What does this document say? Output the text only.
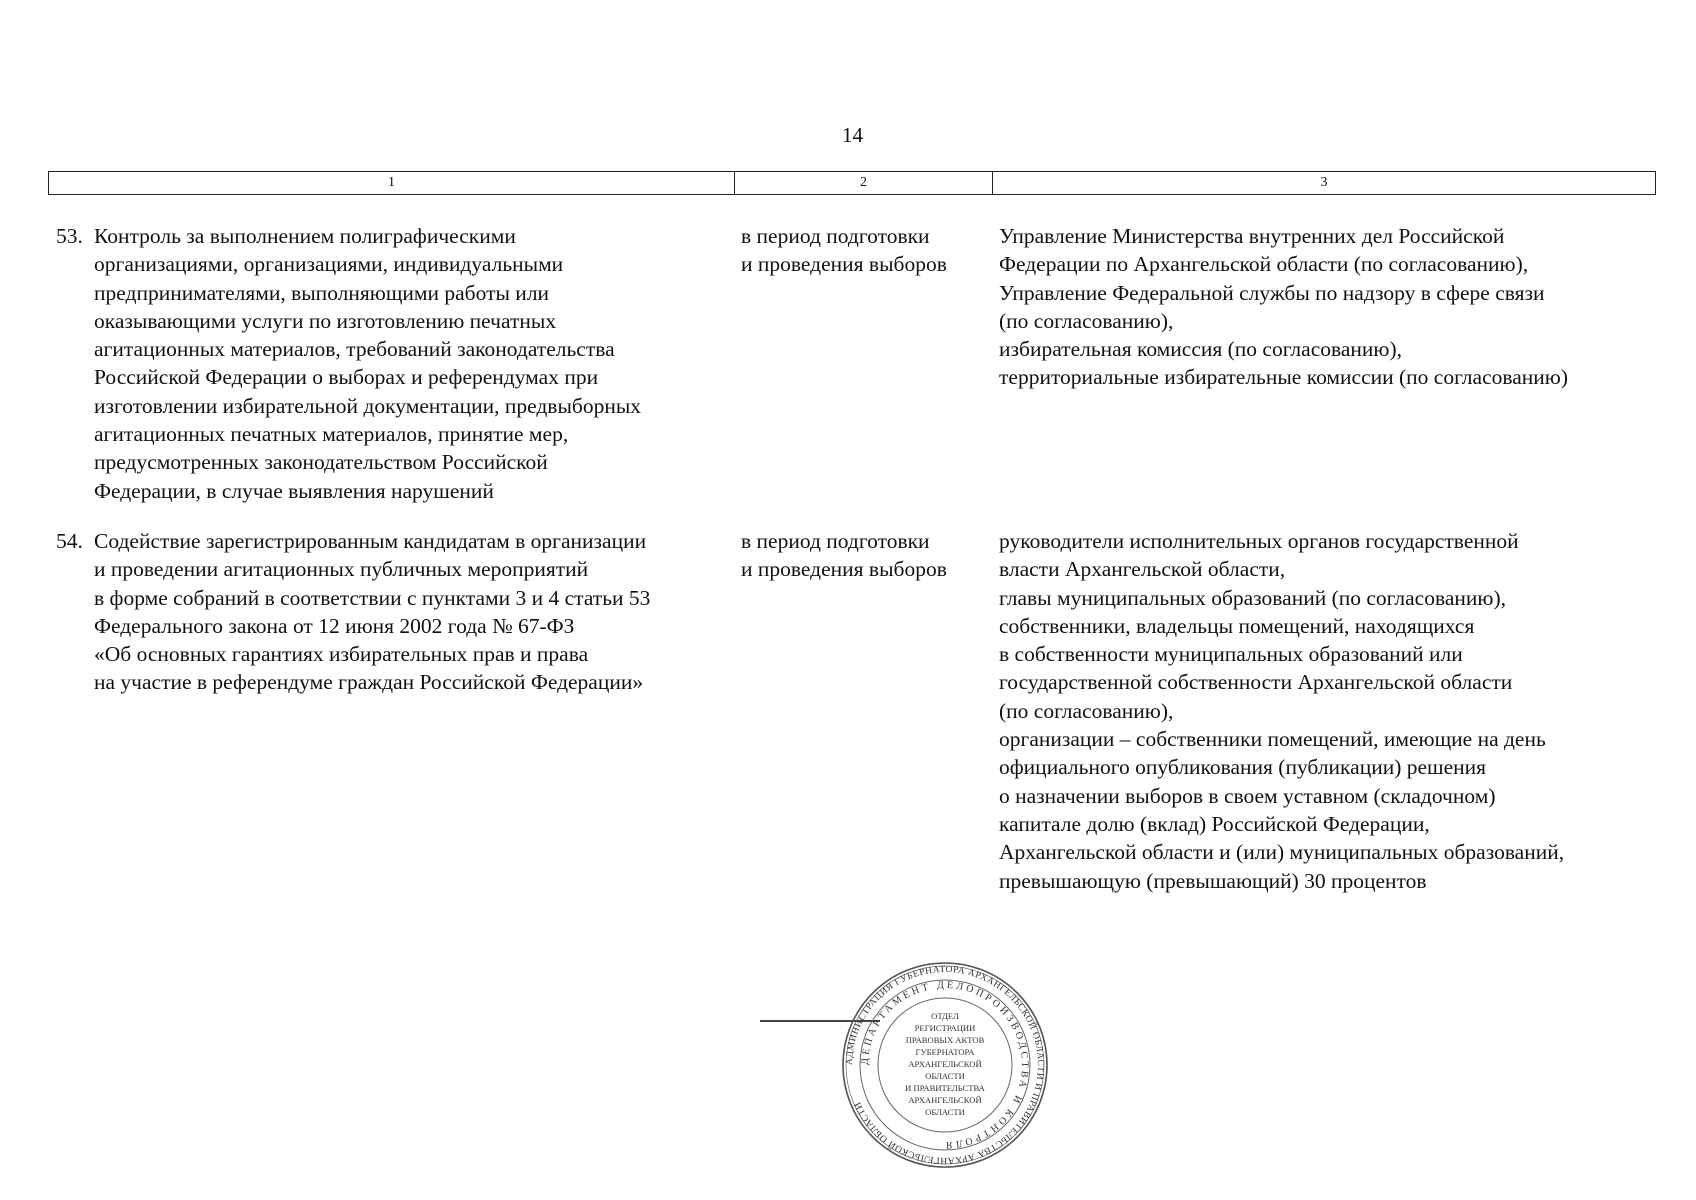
14
1	2	3
53. Контроль за выполнением полиграфическими
организациями, организациями, индивидуальными
предпринимателями, выполняющими работы или
оказывающими услуги по изготовлению печатных
агитационных материалов, требований законодательства
Российской Федерации о выборах и референдумах при
изготовлении избирательной документации, предвыборных
агитационных печатных материалов, принятие мер,
предусмотренных законодательством Российской
Федерации, в случае выявления нарушений
в период подготовки
и проведения выборов
Управление Министерства внутренних дел Российской
Федерации по Архангельской области (по согласованию),
Управление Федеральной службы по надзору в сфере связи
(по согласованию),
избирательная комиссия (по согласованию),
территориальные избирательные комиссии (по согласованию)
54. Содействие зарегистрированным кандидатам в организации
и проведении агитационных публичных мероприятий
в форме собраний в соответствии с пунктами 3 и 4 статьи 53
Федерального закона от 12 июня 2002 года № 67-ФЗ
«Об основных гарантиях избирательных прав и права
на участие в референдуме граждан Российской Федерации»
в период подготовки
и проведения выборов
руководители исполнительных органов государственной
власти Архангельской области,
главы муниципальных образований (по согласованию),
собственники, владельцы помещений, находящихся
в собственности муниципальных образований или
государственной собственности Архангельской области
(по согласованию),
организации – собственники помещений, имеющие на день
официального опубликования (публикации) решения
о назначении выборов в своем уставном (складочном)
капитале долю (вклад) Российской Федерации,
Архангельской области и (или) муниципальных образований,
превышающую (превышающий) 30 процентов
АДМИНИСТРАЦИЯ ГУБЕРНАТОРА АРХАНГЕЛЬСКОЙ ОБЛАСТИ И ПРАВИТЕЛЬСТВА АРХАНГЕЛЬСКОЙ ОБЛАСТИ
ДЕПАРТАМЕНТ ДЕЛОПРОИЗВОДСТВА И КОНТРОЛЯ
ОТДЕЛ
РЕГИСТРАЦИИ
ПРАВОВЫХ АКТОВ
ГУБЕРНАТОРА
АРХАНГЕЛЬСКОЙ
ОБЛАСТИ
И ПРАВИТЕЛЬСТВА
АРХАНГЕЛЬСКОЙ
ОБЛАСТИ
